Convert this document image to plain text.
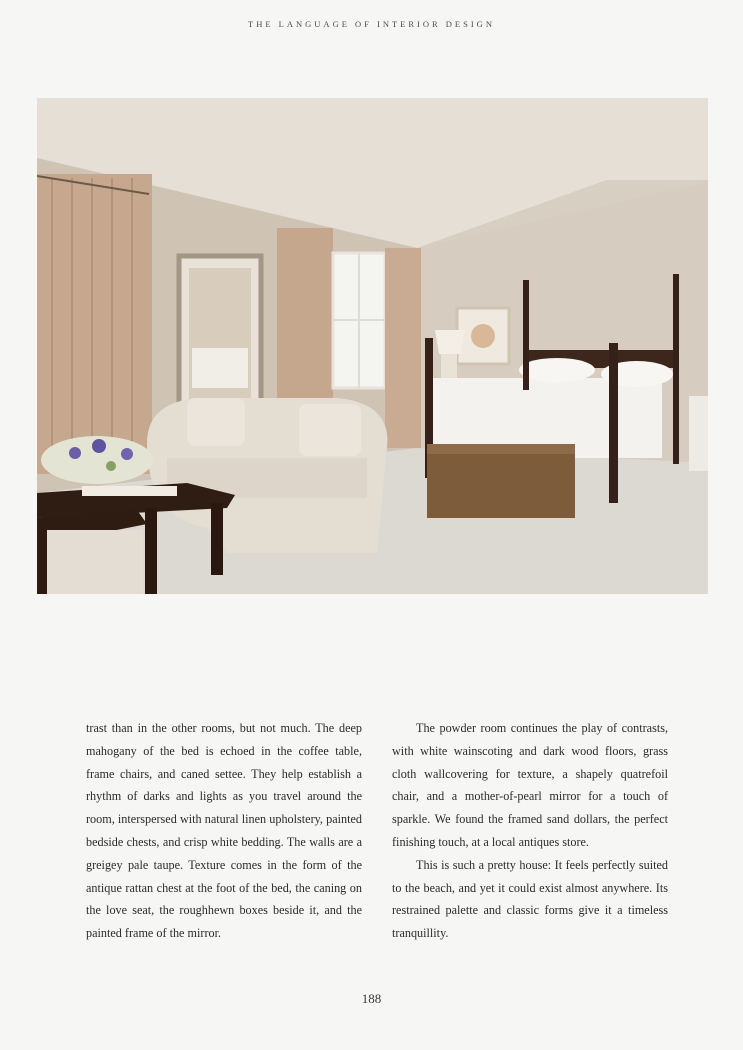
THE LANGUAGE OF INTERIOR DESIGN

trast than in the other rooms, but not much. The deep mahogany of the bed is echoed in the coffee table, frame chairs, and caned settee. They help establish a rhythm of darks and lights as you travel around the room, interspersed with natural linen upholstery, painted bedside chests, and crisp white bedding. The walls are a greigey pale taupe. Texture comes in the form of the antique rattan chest at the foot of the bed, the caning on the love seat, the roughhewn boxes beside it, and the painted frame of the mirror.

The powder room continues the play of contrasts, with white wainscoting and dark wood floors, grass cloth wallcovering for texture, a shapely quatrefoil chair, and a mother-of-pearl mirror for a touch of sparkle. We found the framed sand dollars, the perfect finishing touch, at a local antiques store.

This is such a pretty house: It feels perfectly suited to the beach, and yet it could exist almost anywhere. Its restrained palette and classic forms give it a timeless tranquillity.

188
